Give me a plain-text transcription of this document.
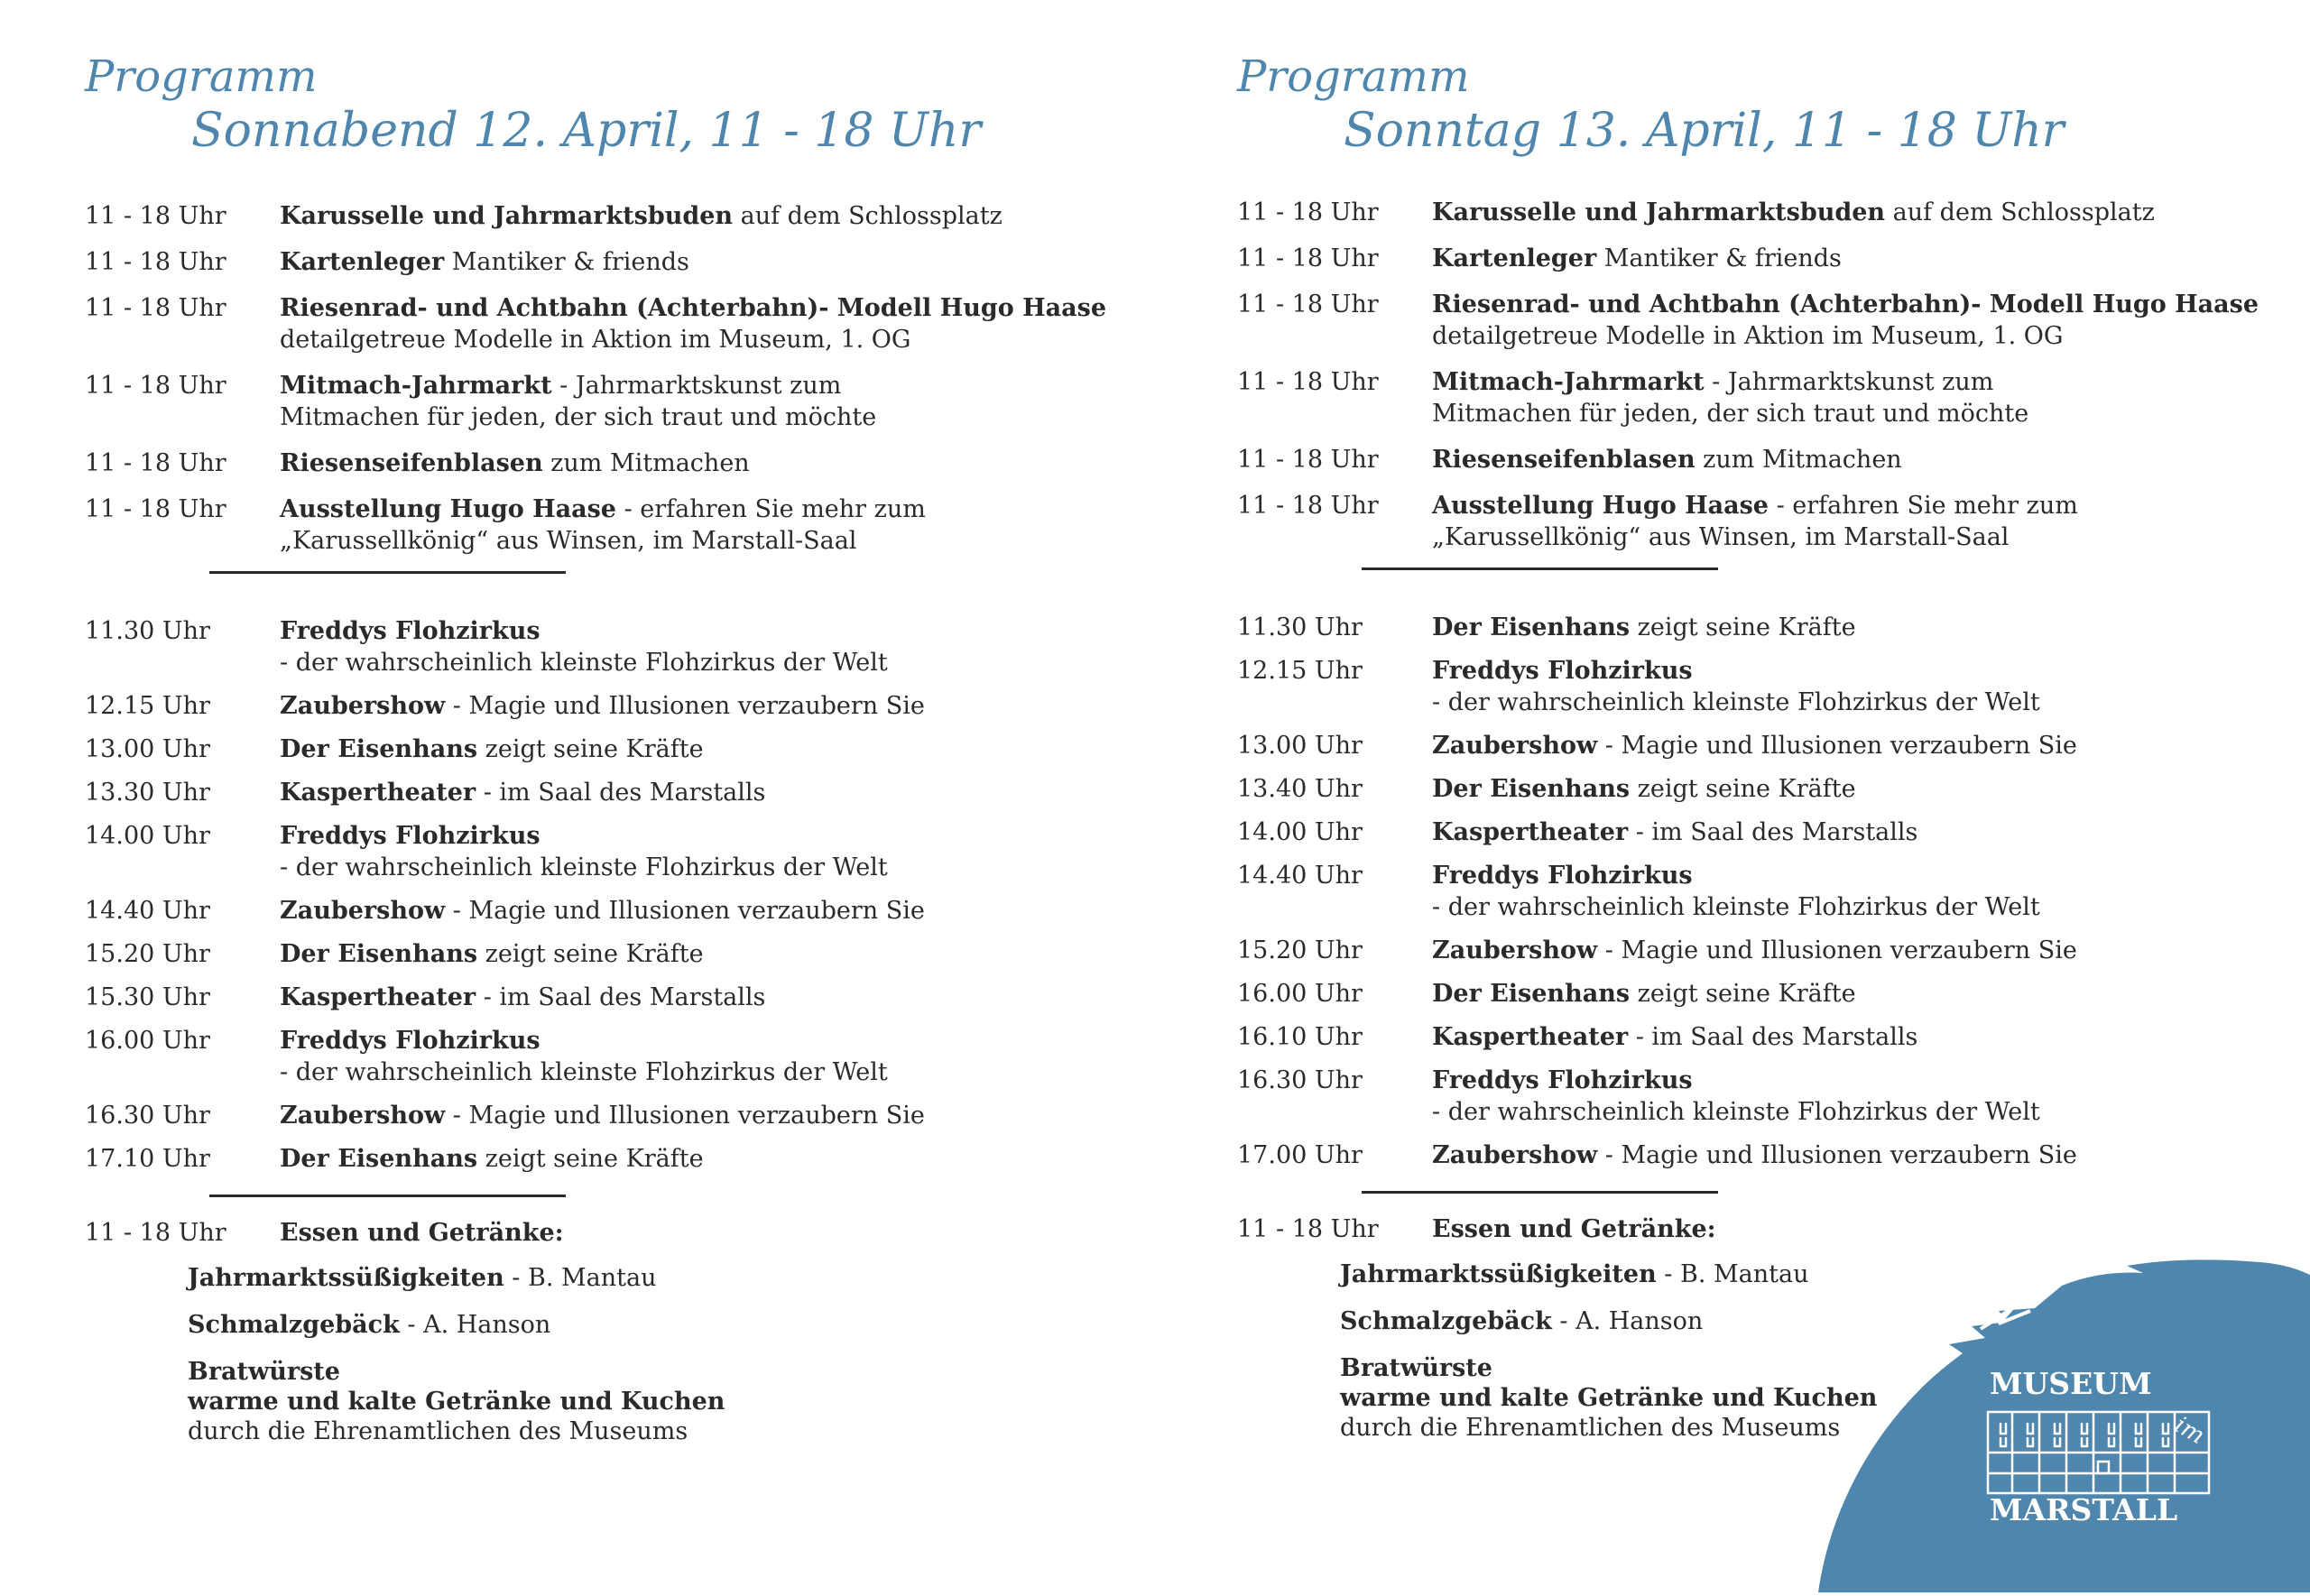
Programm
Sonnabend 12. April, 11 - 18 Uhr
11 - 18 Uhr	Karusselle und Jahrmarktsbuden auf dem Schlossplatz
11 - 18 Uhr	Kartenleger Mantiker & friends
11 - 18 Uhr	Riesenrad- und Achtbahn (Achterbahn)- Modell Hugo Haase
detailgetreue Modelle in Aktion im Museum, 1. OG
11 - 18 Uhr	Mitmach-Jahrmarkt - Jahrmarktskunst zum
Mitmachen für jeden, der sich traut und möchte
11 - 18 Uhr	Riesenseifenblasen zum Mitmachen
11 - 18 Uhr	Ausstellung Hugo Haase - erfahren Sie mehr zum
„Karussellkönig“ aus Winsen, im Marstall-Saal
11.30 Uhr	Freddys Flohzirkus
- der wahrscheinlich kleinste Flohzirkus der Welt
12.15 Uhr	Zaubershow - Magie und Illusionen verzaubern Sie
13.00 Uhr	Der Eisenhans zeigt seine Kräfte
13.30 Uhr	Kaspertheater - im Saal des Marstalls
14.00 Uhr	Freddys Flohzirkus
- der wahrscheinlich kleinste Flohzirkus der Welt
14.40 Uhr	Zaubershow - Magie und Illusionen verzaubern Sie
15.20 Uhr	Der Eisenhans zeigt seine Kräfte
15.30 Uhr	Kaspertheater - im Saal des Marstalls
16.00 Uhr	Freddys Flohzirkus
- der wahrscheinlich kleinste Flohzirkus der Welt
16.30 Uhr	Zaubershow - Magie und Illusionen verzaubern Sie
17.10 Uhr	Der Eisenhans zeigt seine Kräfte
11 - 18 Uhr	Essen und Getränke:
Jahrmarktssüßigkeiten - B. Mantau
Schmalzgebäck - A. Hanson
Bratwürste
warme und kalte Getränke und Kuchen
durch die Ehrenamtlichen des Museums
Programm
Sonntag 13. April, 11 - 18 Uhr
11 - 18 Uhr	Karusselle und Jahrmarktsbuden auf dem Schlossplatz
11 - 18 Uhr	Kartenleger Mantiker & friends
11 - 18 Uhr	Riesenrad- und Achtbahn (Achterbahn)- Modell Hugo Haase
detailgetreue Modelle in Aktion im Museum, 1. OG
11 - 18 Uhr	Mitmach-Jahrmarkt - Jahrmarktskunst zum
Mitmachen für jeden, der sich traut und möchte
11 - 18 Uhr	Riesenseifenblasen zum Mitmachen
11 - 18 Uhr	Ausstellung Hugo Haase - erfahren Sie mehr zum
„Karussellkönig“ aus Winsen, im Marstall-Saal
11.30 Uhr	Der Eisenhans zeigt seine Kräfte
12.15 Uhr	Freddys Flohzirkus
- der wahrscheinlich kleinste Flohzirkus der Welt
13.00 Uhr	Zaubershow - Magie und Illusionen verzaubern Sie
13.40 Uhr	Der Eisenhans zeigt seine Kräfte
14.00 Uhr	Kaspertheater - im Saal des Marstalls
14.40 Uhr	Freddys Flohzirkus
- der wahrscheinlich kleinste Flohzirkus der Welt
15.20 Uhr	Zaubershow - Magie und Illusionen verzaubern Sie
16.00 Uhr	Der Eisenhans zeigt seine Kräfte
16.10 Uhr	Kaspertheater - im Saal des Marstalls
16.30 Uhr	Freddys Flohzirkus
- der wahrscheinlich kleinste Flohzirkus der Welt
17.00 Uhr	Zaubershow - Magie und Illusionen verzaubern Sie
11 - 18 Uhr	Essen und Getränke:
Jahrmarktssüßigkeiten - B. Mantau
Schmalzgebäck - A. Hanson
Bratwürste
warme und kalte Getränke und Kuchen
durch die Ehrenamtlichen des Museums
MUSEUM
im
MARSTALL
